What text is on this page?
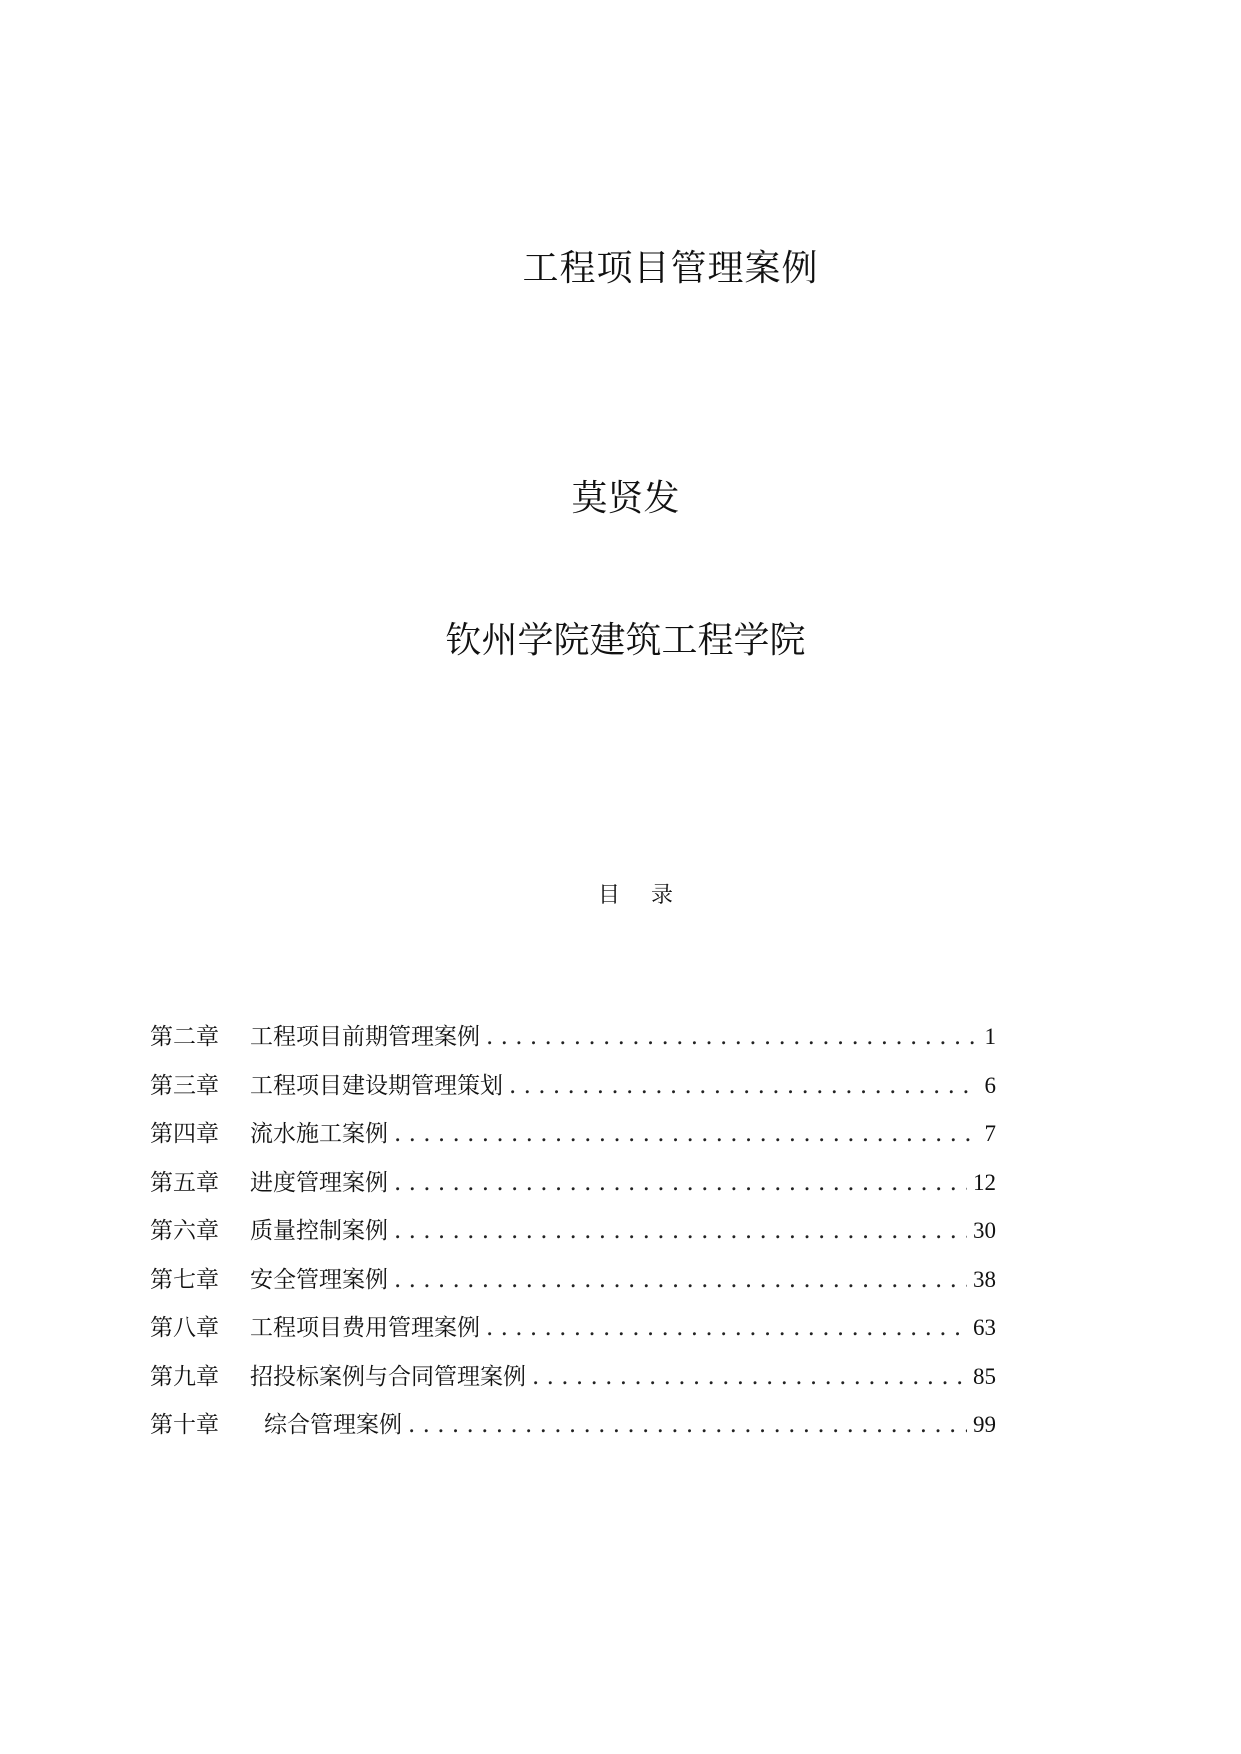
工程项目管理案例
莫贤发
钦州学院建筑工程学院
目 录
第二章	工程项目前期管理案例 . . .	1
第三章	工程项目建设期管理策划 . . .	6
第四章	流水施工案例 . . .	7
第五章	进度管理案例 . . .	12
第六章	质量控制案例 . . .	30
第七章	安全管理案例 . . .	38
第八章	工程项目费用管理案例 . . .	63
第九章	招投标案例与合同管理案例 . . .	85
第十章	综合管理案例 . . .	99
